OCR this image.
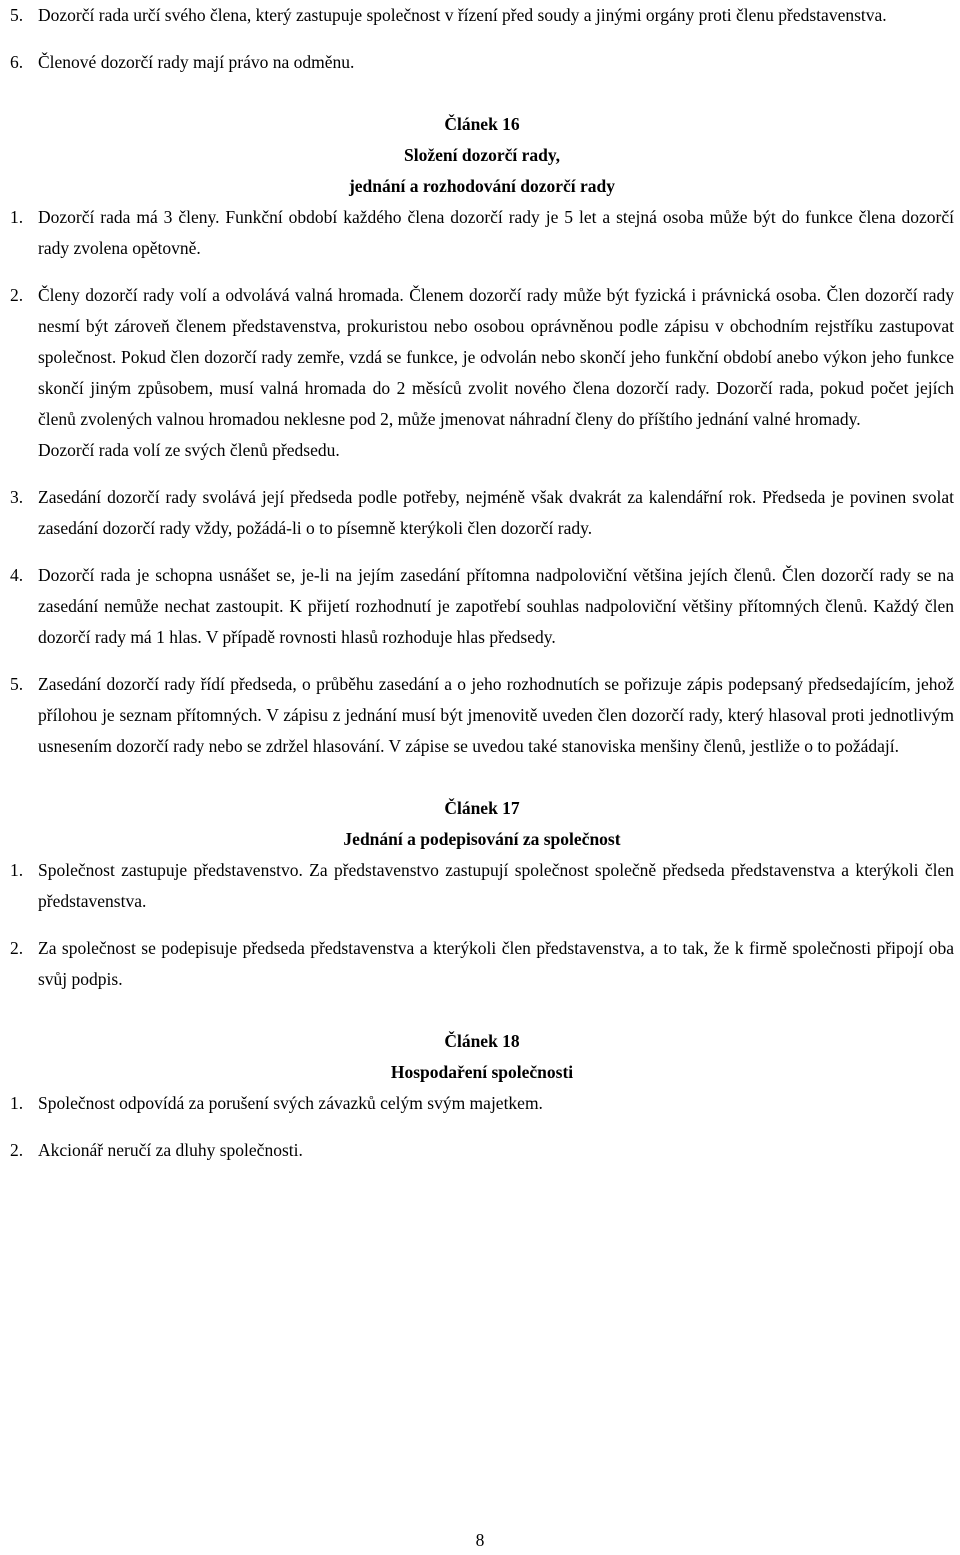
5. Dozorčí rada určí svého člena, který zastupuje společnost v řízení před soudy a jinými orgány proti členu představenstva.
6. Členové dozorčí rady mají právo na odměnu.
Článek 16
Složení dozorčí rady,
jednání a rozhodování dozorčí rady
1. Dozorčí rada má 3 členy. Funkční období každého člena dozorčí rady je 5 let a stejná osoba může být do funkce člena dozorčí rady zvolena opětovně.
2. Členy dozorčí rady volí a odvolává valná hromada. Členem dozorčí rady může být fyzická i právnická osoba. Člen dozorčí rady nesmí být zároveň členem představenstva, prokuristou nebo osobou oprávněnou podle zápisu v obchodním rejstříku zastupovat společnost. Pokud člen dozorčí rady zemře, vzdá se funkce, je odvolán nebo skončí jeho funkční období anebo výkon jeho funkce skončí jiným způsobem, musí valná hromada do 2 měsíců zvolit nového člena dozorčí rady. Dozorčí rada, pokud počet jejích členů zvolených valnou hromadou neklesne pod 2, může jmenovat náhradní členy do příštího jednání valné hromady.
Dozorčí rada volí ze svých členů předsedu.
3. Zasedání dozorčí rady svolává její předseda podle potřeby, nejméně však dvakrát za kalendářní rok. Předseda je povinen svolat zasedání dozorčí rady vždy, požádá-li o to písemně kterýkoli člen dozorčí rady.
4. Dozorčí rada je schopna usnášet se, je-li na jejím zasedání přítomna nadpoloviční většina jejích členů. Člen dozorčí rady se na zasedání nemůže nechat zastoupit. K přijetí rozhodnutí je zapotřebí souhlas nadpoloviční většiny přítomných členů. Každý člen dozorčí rady má 1 hlas. V případě rovnosti hlasů rozhoduje hlas předsedy.
5. Zasedání dozorčí rady řídí předseda, o průběhu zasedání a o jeho rozhodnutích se pořizuje zápis podepsaný předsedajícím, jehož přílohou je seznam přítomných. V zápisu z jednání musí být jmenovitě uveden člen dozorčí rady, který hlasoval proti jednotlivým usnesením dozorčí rady nebo se zdržel hlasování. V zápise se uvedou také stanoviska menšiny členů, jestliže o to požádají.
Článek 17
Jednání a podepisování za společnost
1. Společnost zastupuje představenstvo. Za představenstvo zastupují společnost společně předseda představenstva a kterýkoli člen představenstva.
2. Za společnost se podepisuje předseda představenstva a kterýkoli člen představenstva, a to tak, že k firmě společnosti připojí oba svůj podpis.
Článek 18
Hospodaření společnosti
1. Společnost odpovídá za porušení svých závazků celým svým majetkem.
2. Akcionář neručí za dluhy společnosti.
8
